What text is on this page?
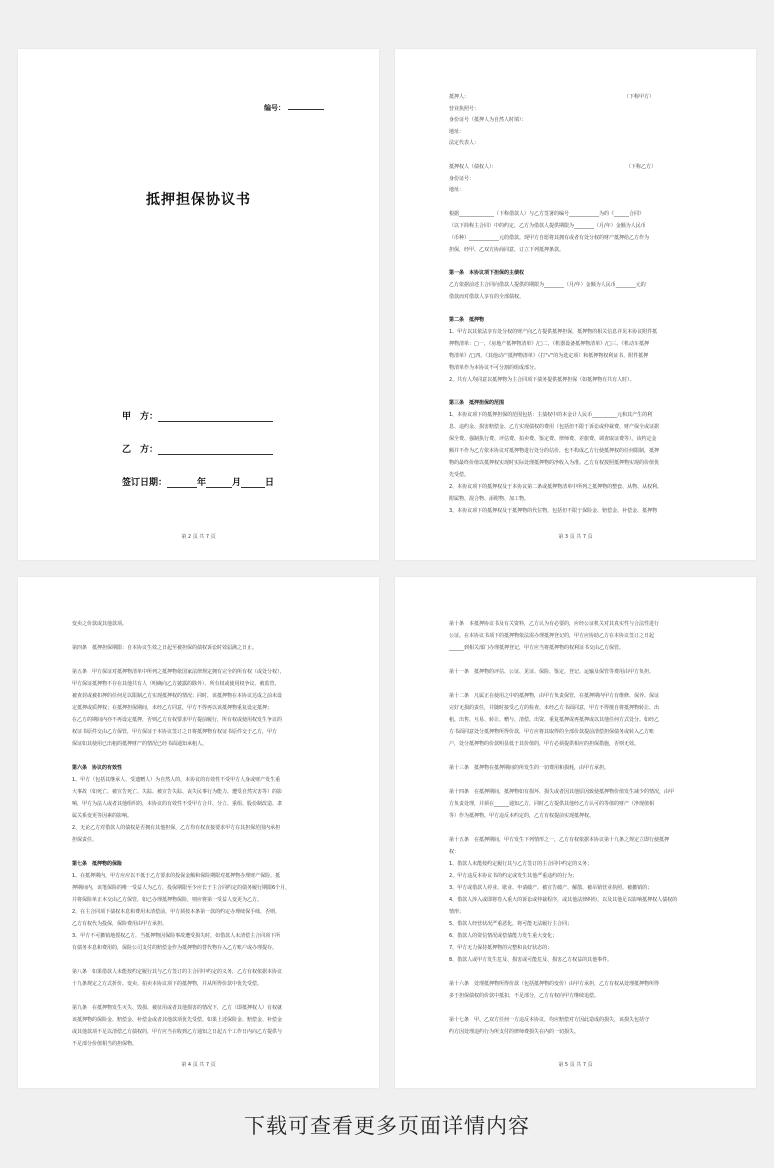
编号：
抵押担保协议书
甲　方：
乙　方：
签订日期：	年	月	日
第 2 页 共 7 页
抵押人：	（下称甲方）
营业执照号：
身份证号（抵押人为自然人时填）：
地址：
法定代表人：
抵押权人（债权人）：	（下称乙方）
身份证号：
地址：
根据______________（下称借款人）与乙方签署的编号____________为的《______合同》
（以下简称主合同）中的约定，乙方为借款人提供期限为________（月/年）金额为人民币
（币种）____________元的借款。现甲方自愿将其拥有或者有处分权的财产抵押给乙方作为
担保，经甲、乙双方协商同意，订立下列抵押条款。
第一条　本协议项下担保的主债权
乙方依据前述主合同向借款人提供的期限为________（月/年）金额为人民币________元的
借款而对借款人享有的全部债权。
第二条　抵押物
1、甲方以其依法享有处分权的财产向乙方提供抵押担保，抵押物的相关信息详见本协议附件抵
押物清单：□一、《房地产抵押物清单》/□二、《机器设备抵押物清单》/□三、《机动车抵押
物清单》/□四、《其他动产抵押物清单》（打"√"的为选定项）和抵押物权利证书，附件抵押
物清单作为本协议不可分割的组成部分。
2、共有人均同意以抵押物为主合同项下债务提供抵押担保（如抵押物有共有人时）。
第三条　抵押担保的范围
1、本协议项下的抵押担保的范围包括：主债权中的本金计人民币__________元和其产生的利
息、违约金、损害赔偿金、乙方实现债权的费用（包括但不限于诉讼或仲裁费、财产保全或证据
保全费、强制执行费、评估费、拍卖费、鉴定费、律师费、差旅费、调查取证费等）。该约定金
额并不作为乙方依本协议对抵押物进行处分的估价，也不构成乙方行使抵押权的任何限制，抵押
物的最终价值以抵押权实现时实际处理抵押物的净收入为准。乙方有权按照抵押物实现的价值优
先受偿。
2、本协议项下的抵押权及于本协议第二条或抵押物清单中所列之抵押物的整套、从物、从权利、
附属物、混合物、添附物、加工物。
3、本协议项下的抵押权及于抵押物的代位物，包括但不限于保险金、赔偿金、补偿金、抵押物
第 3 页 共 7 页
变卖之价款或其他款项。
第四条　抵押担保期限：自本协议生效之日起至被担保的债权诉讼时效届满之日止。
第五条　甲方保证对抵押物清单中所列之抵押物依国家法律规定拥有完全的所有权（或处分权），
甲方保证抵押物不存在其他共有人（明确向乙方披露的除外）、所有权或使用权争议、被监管、
被查封或被扣押的任何足以限制乙方实现抵押权的情况；同时，该抵押物在本协议达成之前未设
定抵押或质押权；在抵押担保期间，未经乙方同意，甲方不得再以该抵押物重复设定抵押；
在乙方的期间内亦不再设定抵押，否则乙方有权要求甲方提前履行，所有权或使用权发生争议的
权证书原件交由乙方保管，甲方保证于本协议签订之日将抵押物有权证书原件交于乙方，甲方
保证如其使用已出租的抵押财产的情况已经书面通知承租人。
第六条　协议的有效性
1、甲方（包括其继承人、受遗赠人）为自然人的，本协议的有效性不受甲方人身或财产发生重
大事故（如死亡、被宣告死亡、失踪、被宣告失踪、丧失民事行为能力、遭受自然灾害等）的影
响，甲方为法人或者其他组织的，本协议的有效性不受甲方合并、分立、重组、股份制改造、隶
属关系变更等因素的影响。
2、无论乙方对借款人的债权是否拥有其他担保，乙方均有权直接要求甲方在其担保范围内承担
担保责任。
第七条　抵押物的保险
1、在抵押期内，甲方应应以不低于乙方要求的投保金额和保险期限对抵押物办理财产保险，抵
押期间内，该笔保险的唯一受益人为乙方，投保期限至少应长于主合同约定的债务履行期限6个月，
并将保险单正本交由乙方保管，如已办理抵押物保险，则应将第一受益人变更为乙方。
2、在主合同项下债权本息和费用未清偿前，甲方须按本条第一款的约定办理续保手续，否则，
乙方有权代为投保，保险费用由甲方承担。
3、甲方不可撤销地授权乙方，当抵押物因保险事故遭受损失时，如借款人未清偿主合同项下所
有债务本息和费用的，保险公司支付的赔偿金作为抵押物的替代物存入乙方账户或办理提存。
第八条　如果借款人未能按约定履行其与乙方签订的主合同中约定的义务，乙方有权依据本协议
十九条规定之方式折价、变卖、拍卖本协议项下的抵押物，并从所得价款中优先受偿。
第九条　在抵押物发生灭失、毁损、被征用或者其他损害的情况下，乙方（即抵押权人）有权就
该抵押物的保险金、赔偿金、补偿金或者其他款项优先受偿。如果上述保险金、赔偿金、补偿金
或其他款项不足以清偿乙方债权的，甲方应当在收到乙方通知之日起五个工作日内向乙方提供与
不足部分价值相当的担保物。
第 4 页 共 7 页
第十条　本抵押协议书及有关资料，乙方认为有必要的，应经公证机关对其真实性与合法性进行
公证。在本协议书项下的抵押物依法需办理抵押登记的，甲方应协助乙方在本协议签订之日起
______到相关部门办理抵押登记，甲方应当将抵押物的权利证书交由乙方保管。
第十一条　抵押物的评估、公证、见证、保险、鉴定、登记、运输及保管等费用由甲方负担。
第十二条　凡属正在使用之中的抵押物，由甲方负责保管，在抵押期内甲方有维修、保养、保证
完好无损的责任，并随时接受乙方的检查。未经乙方书面同意，甲方不得擅自将抵押物转让、出
租、出售、互易、转让、赠与、清偿、出资、重复抵押或再抵押或以其他任何方式处分。如经乙
方书面同意处分抵押物所得价款，甲方应将其取得的全部价款提前清偿担保债务或转入乙方账
户，处分抵押物的价款明显低于其价值的，甲方必须提供相应的担保措施，否则无效。
第十三条　抵押物在抵押期间的所发生的一切费用和损耗，由甲方承担。
第十四条　在抵押期间，抵押物如有损坏、损失或者因其他原因致使抵押物价值发生减少的情况，由甲
方负责处理，并须在______通知乙方，同时乙方提供其他经乙方认可的等值的财产（净现值相
等）作为抵押物。甲方违反本约定的，乙方有权提前实现抵押权。
第十五条　在抵押期间，甲方发生下列情形之一，乙方有权依据本协议第十九条之规定立即行使抵押
权：
1、借款人未能按约定履行其与乙方签订的主合同中约定的义务；
2、甲方违反本协议书的约定或发生其他严重违约的行为；
3、甲方或借款人停业、歇业、申请破产、被宣告破产、解散、被吊销营业执照、被撤销的；
4、借款人涉入或即将卷入重大的诉讼或仲裁程序，或其他法律纠纷，以及其他足以影响抵押权人债权的
情形；
5、借款人经营状况严重恶化，将可能无法履行主合同；
6、借款人的资信情况或偿债能力发生重大变化；
7、甲方无力保持抵押物的完整和良好状态的；
8、借款人或甲方发生危及、损害或可能危及、损害乙方权益的其他事件。
第十六条　处理抵押物所得价款（包括抵押物的变价）由甲方承担，乙方有权从处理抵押物所得
多于担保债权的价款中抵扣，不足部分，乙方有权向甲方继续追偿。
第十七条　甲、乙双方任何一方违反本协议，均应赔偿对方因此造成的损失，该损失包括守
约方因处理违约行为所支付的律师费损失在内的一切损失。
第 5 页 共 7 页
下载可查看更多页面详情内容
